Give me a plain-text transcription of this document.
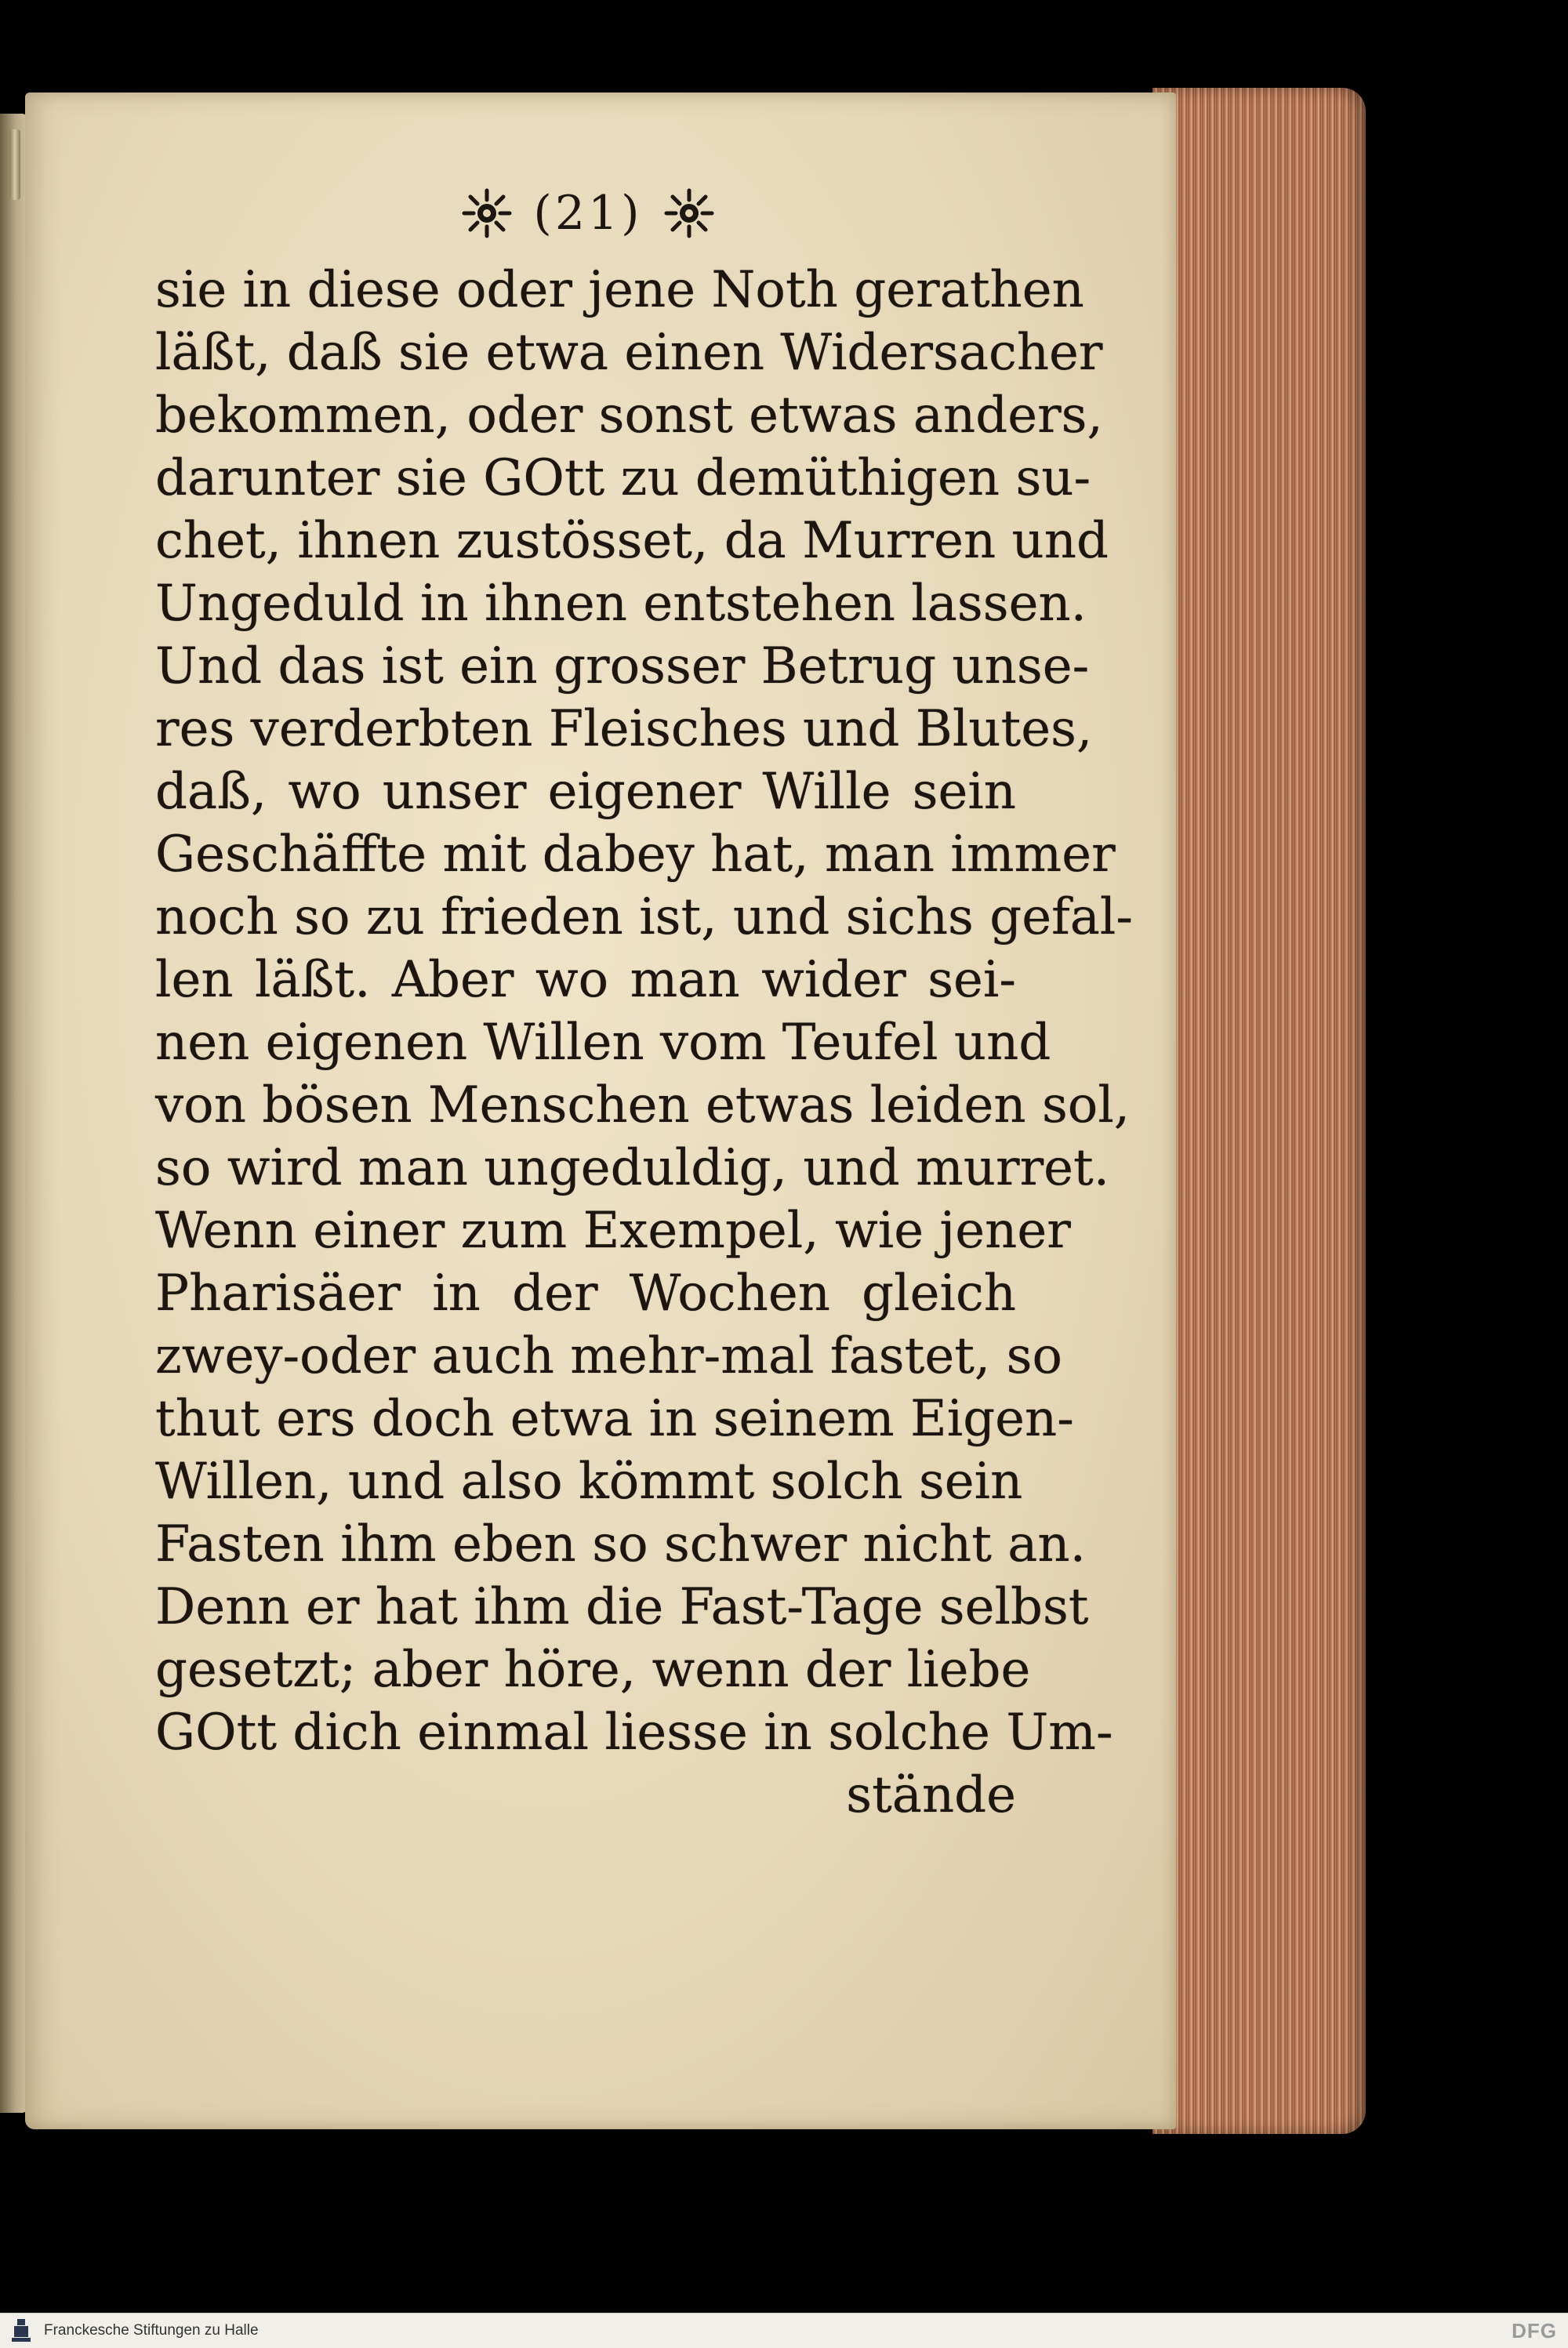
(21)
sie in diese oder jene Noth gerathen
läßt, daß sie etwa einen Widersacher
bekommen, oder sonst etwas anders,
darunter sie GOtt zu demüthigen su-
chet, ihnen zustösset, da Murren und
Ungeduld in ihnen entstehen lassen.
Und das ist ein grosser Betrug unse-
res verderbten Fleisches und Blutes,
daß, wo unser eigener Wille sein
Geschäffte mit dabey hat, man immer
noch so zu frieden ist, und sichs gefal-
len läßt. Aber wo man wider sei-
nen eigenen Willen vom Teufel und
von bösen Menschen etwas leiden sol,
so wird man ungeduldig, und murret.
Wenn einer zum Exempel, wie jener
Pharisäer in der Wochen gleich
zwey-oder auch mehr-mal fastet, so
thut ers doch etwa in seinem Eigen-
Willen, und also kömmt solch sein
Fasten ihm eben so schwer nicht an.
Denn er hat ihm die Fast-Tage selbst
gesetzt; aber höre, wenn der liebe
GOtt dich einmal liesse in solche Um-
stände
Franckesche Stiftungen zu Halle	DFG
